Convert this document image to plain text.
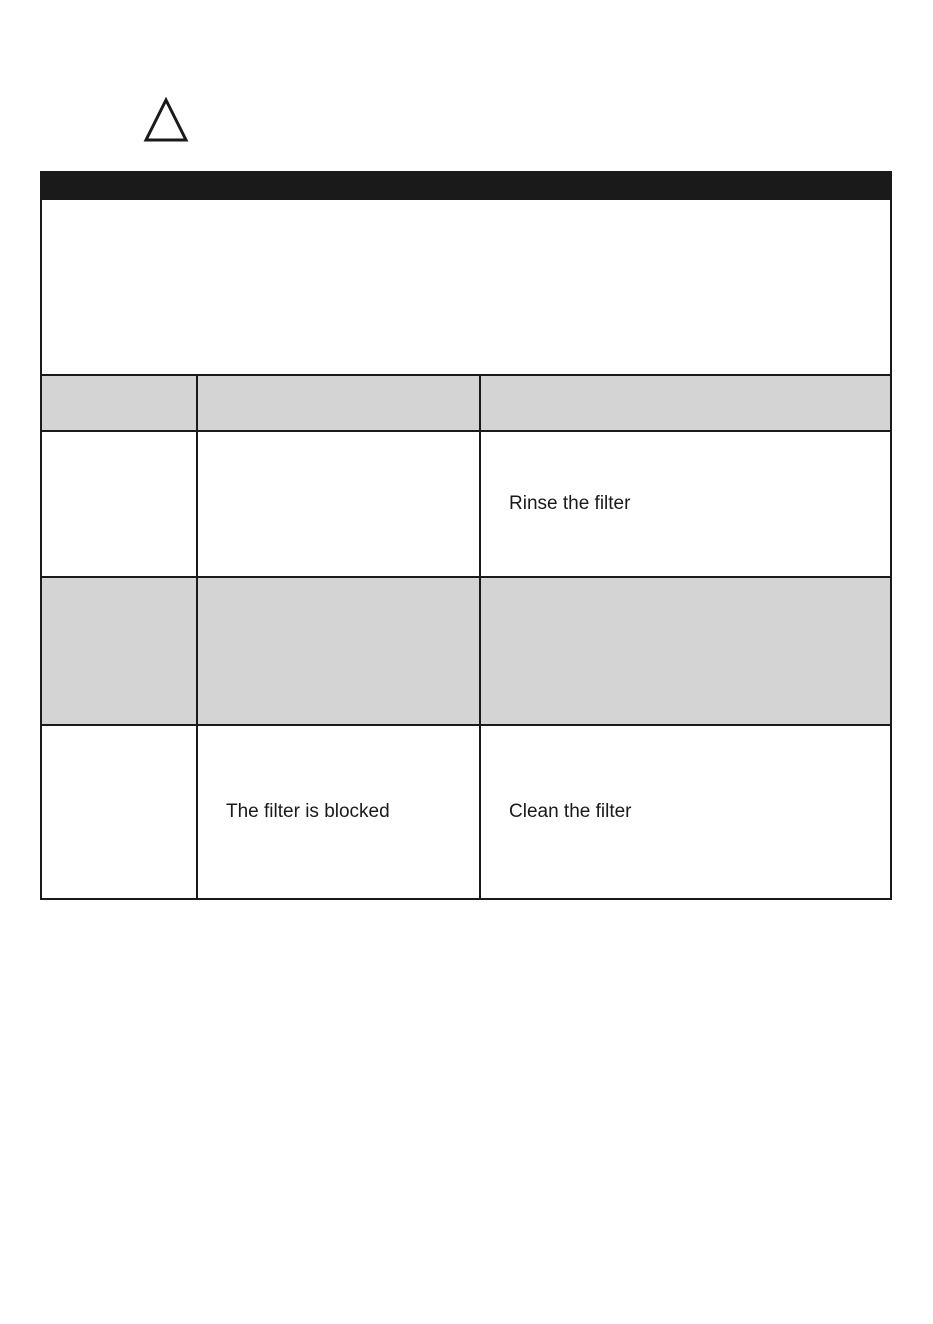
Rinse the filter
The filter is blocked	Clean the filter
